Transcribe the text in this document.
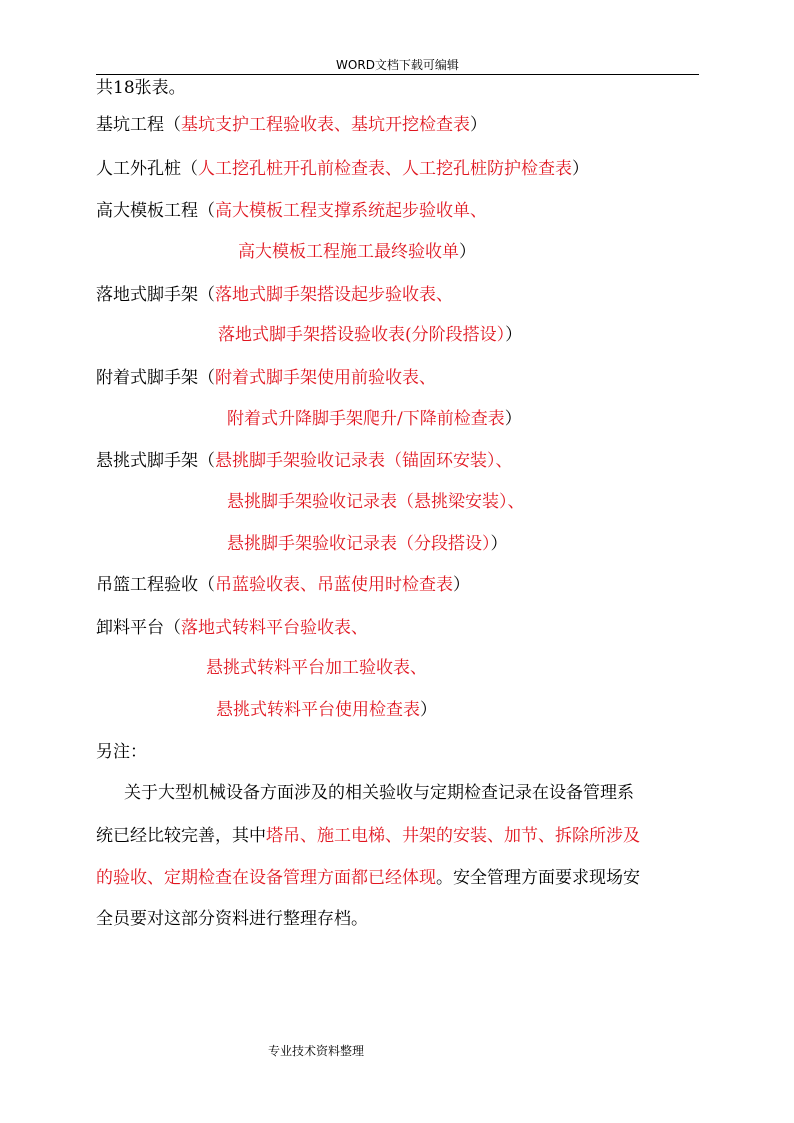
WORD文档下载可编辑
共18张表。
基坑工程（基坑支护工程验收表、基坑开挖检查表）
人工外孔桩（人工挖孔桩开孔前检查表、人工挖孔桩防护检查表）
高大模板工程（高大模板工程支撑系统起步验收单、
高大模板工程施工最终验收单）
落地式脚手架（落地式脚手架搭设起步验收表、
落地式脚手架搭设验收表(分阶段搭设））
附着式脚手架（附着式脚手架使用前验收表、
附着式升降脚手架爬升/下降前检查表）
悬挑式脚手架（悬挑脚手架验收记录表（锚固环安装）、
悬挑脚手架验收记录表（悬挑梁安装）、
悬挑脚手架验收记录表（分段搭设））
吊篮工程验收（吊蓝验收表、吊蓝使用时检查表）
卸料平台（落地式转料平台验收表、
悬挑式转料平台加工验收表、
悬挑式转料平台使用检查表）
另注：
关于大型机械设备方面涉及的相关验收与定期检查记录在设备管理系
统已经比较完善，其中塔吊、施工电梯、井架的安装、加节、拆除所涉及
的验收、定期检查在设备管理方面都已经体现。安全管理方面要求现场安
全员要对这部分资料进行整理存档。
专业技术资料整理
